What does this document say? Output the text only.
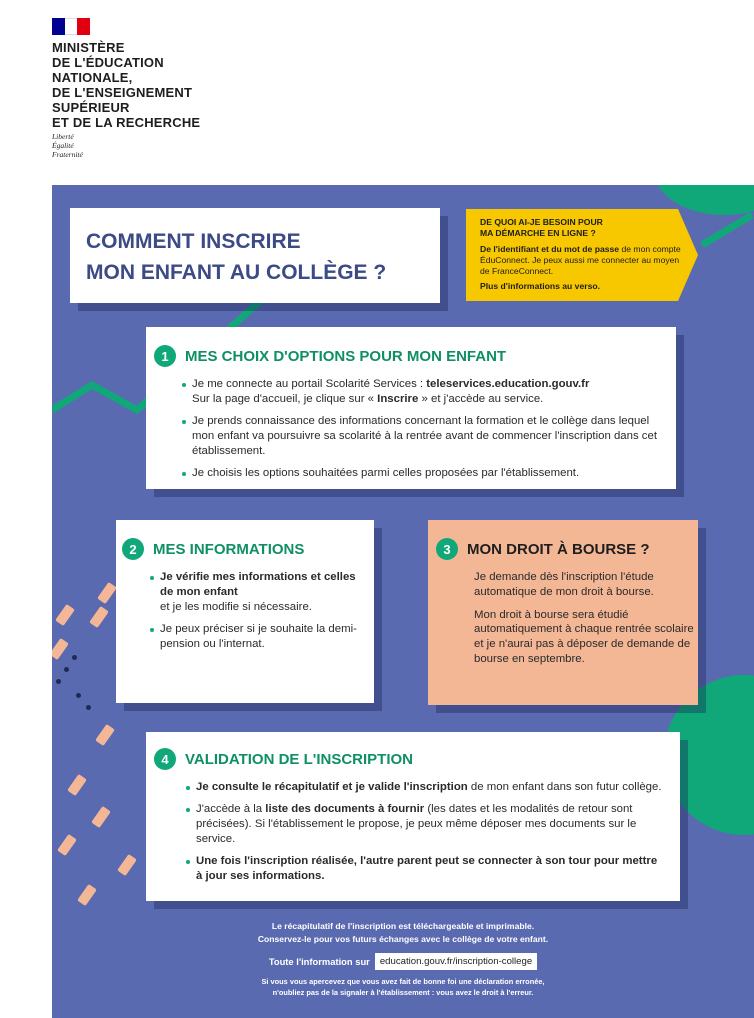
MINISTÈRE
DE L'ÉDUCATION
NATIONALE,
DE L'ENSEIGNEMENT
SUPÉRIEUR
ET DE LA RECHERCHE
Liberté
Égalité
Fraternité
COMMENT INSCRIRE
MON ENFANT AU COLLÈGE ?

DE QUOI AI-JE BESOIN POUR
MA DÉMARCHE EN LIGNE ?

De l'identifiant et du mot de passe de mon compte ÉduConnect. Je peux aussi me connecter au moyen de FranceConnect.

Plus d'informations au verso.

1	MES CHOIX D'OPTIONS POUR MON ENFANT
Je me connecte au portail Scolarité Services : teleservices.education.gouv.fr
Sur la page d'accueil, je clique sur « Inscrire » et j'accède au service.
Je prends connaissance des informations concernant la formation et le collège dans lequel mon enfant va poursuivre sa scolarité à la rentrée avant de commencer l'inscription dans cet établissement.
Je choisis les options souhaitées parmi celles proposées par l'établissement.
2	MES INFORMATIONS
Je vérifie mes informations et celles de mon enfant
et je les modifie si nécessaire.
Je peux préciser si je souhaite la demi-pension ou l'internat.
3	MON DROIT À BOURSE ?

Je demande dès l'inscription l'étude automatique de mon droit à bourse.

Mon droit à bourse sera étudié automatiquement à chaque rentrée scolaire et je n'aurai pas à déposer de demande de bourse en septembre.

4	VALIDATION DE L'INSCRIPTION
Je consulte le récapitulatif et je valide l'inscription de mon enfant dans son futur collège.
J'accède à la liste des documents à fournir (les dates et les modalités de retour sont précisées). Si l'établissement le propose, je peux même déposer mes documents sur le service.
Une fois l'inscription réalisée, l'autre parent peut se connecter à son tour pour mettre à jour ses informations.
Le récapitulatif de l'inscription est téléchargeable et imprimable.
Conservez-le pour vos futurs échanges avec le collège de votre enfant.
Toute l'information sur	education.gouv.fr/inscription-college
Si vous vous apercevez que vous avez fait de bonne foi une déclaration erronée,
n'oubliez pas de la signaler à l'établissement : vous avez le droit à l'erreur.
